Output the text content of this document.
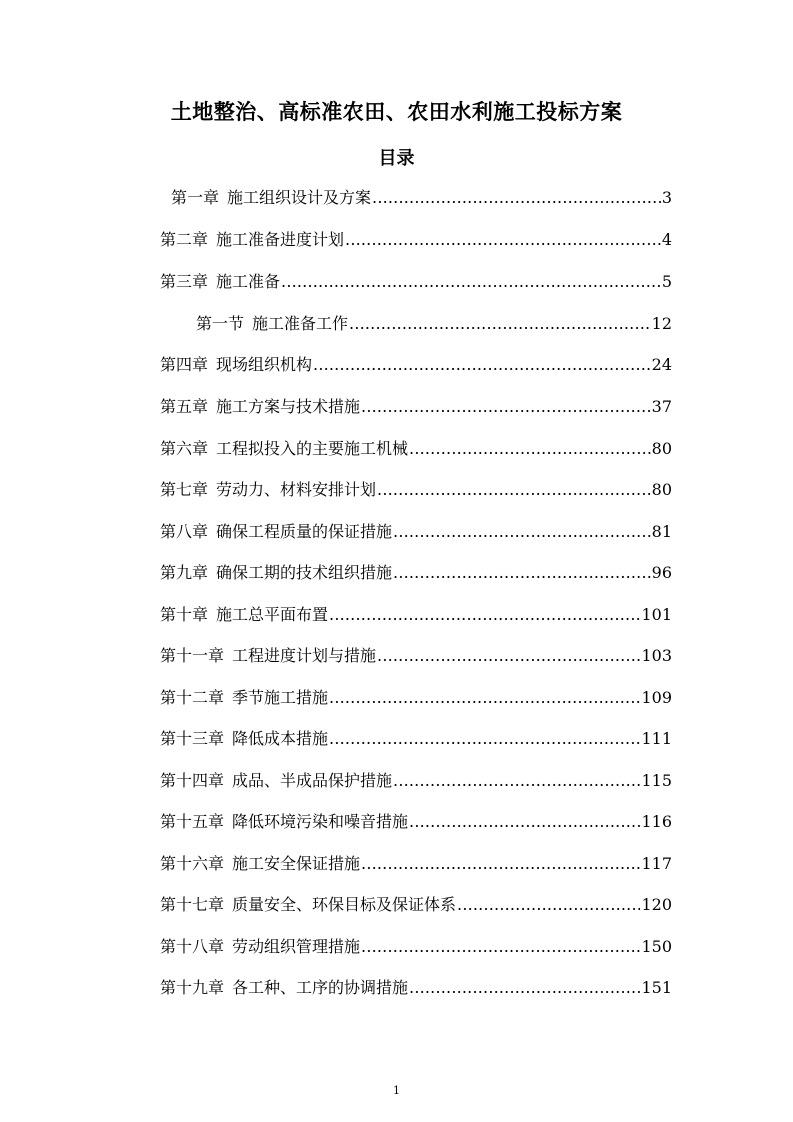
土地整治、高标准农田、农田水利施工投标方案
目录
第一章 施工组织设计及方案 .....	3
第二章 施工准备进度计划 .....	4
第三章 施工准备 .....	5
第一节 施工准备工作 .....	12
第四章 现场组织机构 .....	24
第五章 施工方案与技术措施 .....	37
第六章 工程拟投入的主要施工机械 .....	80
第七章 劳动力、材料安排计划 .....	80
第八章 确保工程质量的保证措施 .....	81
第九章 确保工期的技术组织措施 .....	96
第十章 施工总平面布置 .....	101
第十一章 工程进度计划与措施 .....	103
第十二章 季节施工措施 .....	109
第十三章 降低成本措施 .....	111
第十四章 成品、半成品保护措施 .....	115
第十五章 降低环境污染和噪音措施 .....	116
第十六章 施工安全保证措施 .....	117
第十七章 质量安全、环保目标及保证体系 .....	120
第十八章 劳动组织管理措施 .....	150
第十九章 各工种、工序的协调措施 .....	151
1
